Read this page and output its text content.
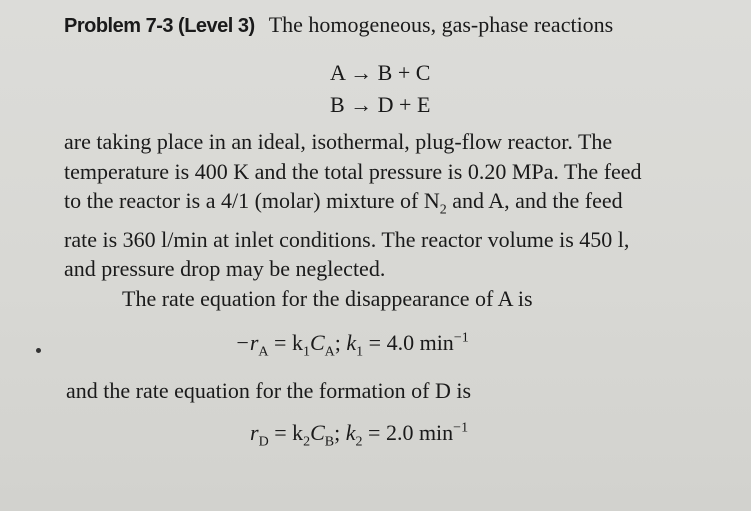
Problem 7-3 (Level 3) The homogeneous, gas-phase reactions
A → B + C
B → D + E
are taking place in an ideal, isothermal, plug-flow reactor. The
temperature is 400 K and the total pressure is 0.20 MPa. The feed
to the reactor is a 4/1 (molar) mixture of $N_2$ and A, and the feed
rate is 360 l/min at inlet conditions. The reactor volume is 450 l,
and pressure drop may be neglected.
The rate equation for the disappearance of A is
$-r_A = k_1C_A$; $k_1 = 4.0$ $\min^{-1}$
and the rate equation for the formation of D is
$r_D = k_2C_B$; $k_2 = 2.0$ $\min^{-1}$
